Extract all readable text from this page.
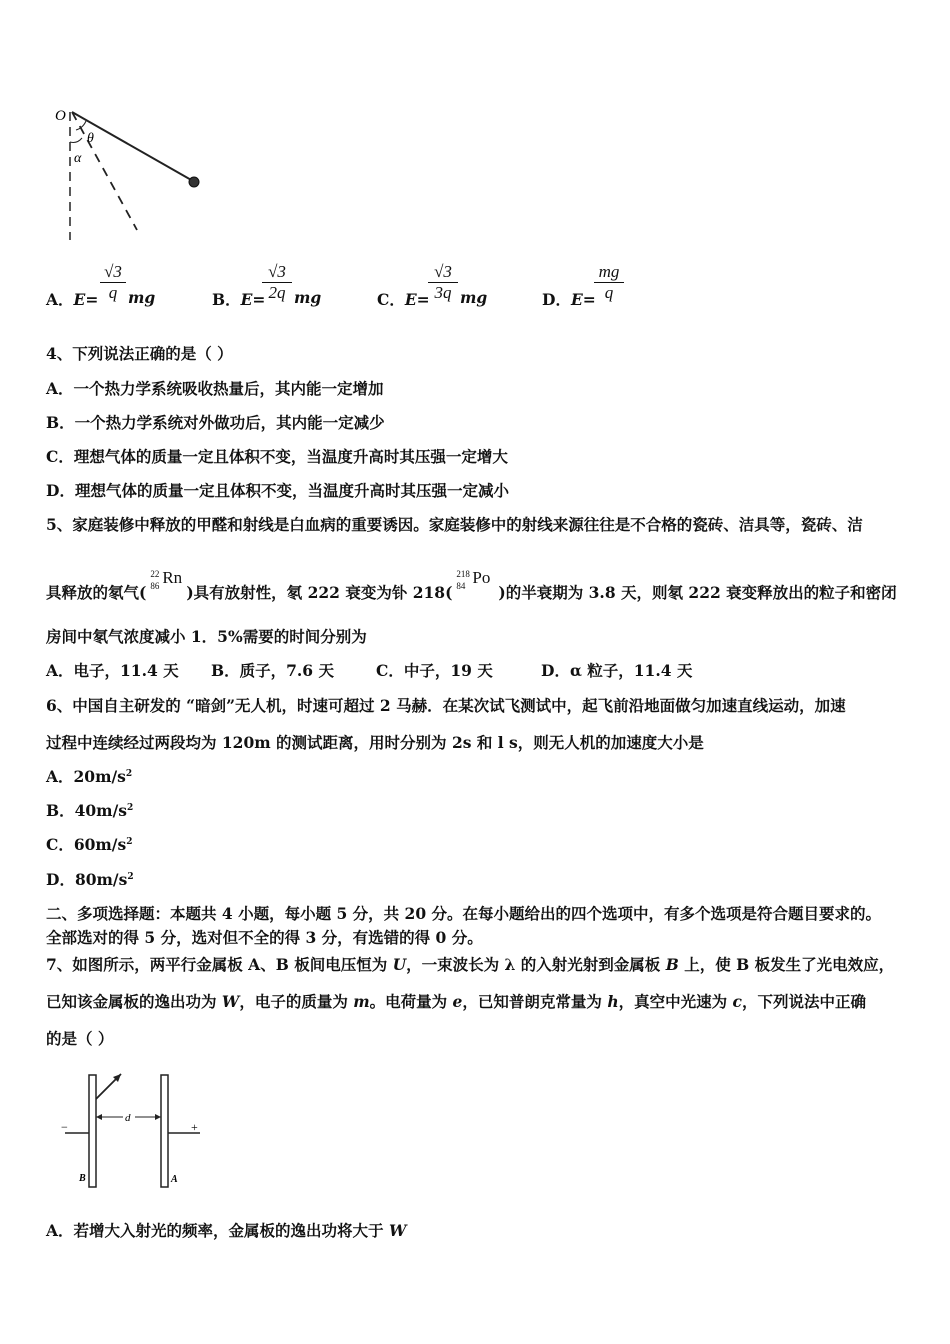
O
θ
α
A．$E= \frac{√3}{q}$ mg	B．E=
$\frac{√3}{2q}$ mg	C．E=
$\frac{√3}{3q}$ mg	D．E=
$\frac{mg}{q}$
4、下列说法正确的是（ ）
A．一个热力学系统吸收热量后，其内能一定增加
B．一个热力学系统对外做功后，其内能一定减少
C．理想气体的质量一定且体积不变，当温度升高时其压强一定增大
D．理想气体的质量一定且体积不变，当温度升高时其压强一定减小
5、家庭装修中释放的甲醛和射线是白血病的重要诱因。家庭装修中的射线来源往往是不合格的瓷砖、洁具等，瓷砖、洁
具释放的氡气(
22
86 Rn
)具有放射性，氡 222 衰变为钋 218(
218
84 Po
)的半衰期为 3.8 天，则氡 222 衰变释放出的粒子和密闭
房间中氡气浓度减小 1．5%需要的时间分别为
A．电子，11.4 天 B．质子，7.6 天	C．中子，19 天	D．α 粒子，11.4 天
6、中国自主研发的 “暗剑”无人机，时速可超过 2 马赫．在某次试飞测试中，起飞前沿地面做匀加速直线运动，加速
过程中连续经过两段均为 120m 的测试距离，用时分别为 2s 和 l s，则无人机的加速度大小是
A．$20m/s^2$
B．$40m/s^2$
C．$60m/s^2$
D．$80m/s^2$
二、多项选择题：本题共 4 小题，每小题 5 分，共 20 分。在每小题给出的四个选项中，有多个选项是符合题目要求的。
全部选对的得 5 分，选对但不全的得 3 分，有选错的得 0 分。
7、如图所示，两平行金属板 A、B 板间电压恒为 U，一束波长为 λ 的入射光射到金属板 B 上，使 B 板发生了光电效应，
已知该金属板的逸出功为 W，电子的质量为 m。电荷量为 e，已知普朗克常量为 h，真空中光速为 c，下列说法中正确
的是（ ）
d
−	+
B	A
A．若增大入射光的频率，金属板的逸出功将大于 W
